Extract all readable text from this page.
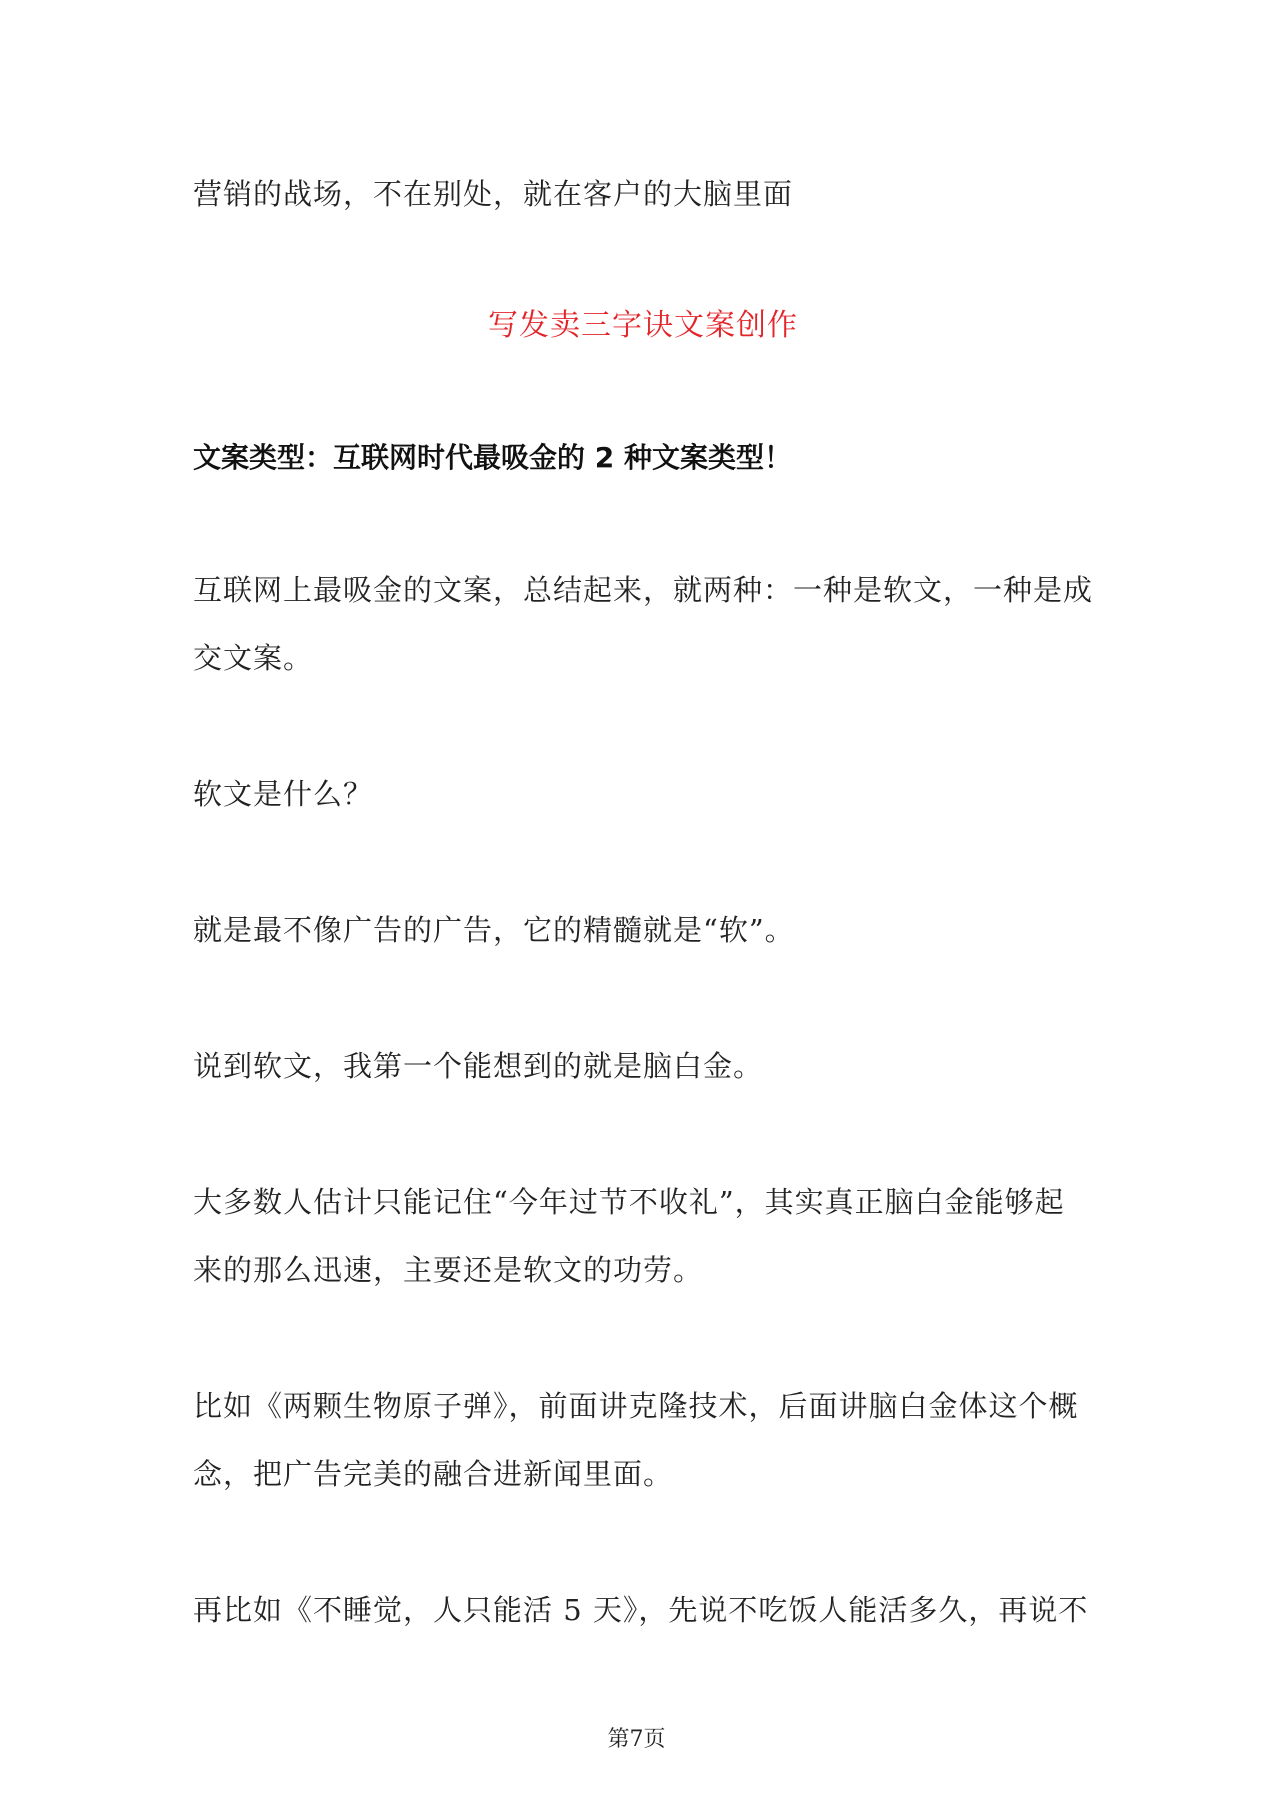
营销的战场，不在别处，就在客户的大脑里面

写发卖三字诀文案创作
文案类型：互联网时代最吸金的 2 种文案类型！

互联网上最吸金的文案，总结起来，就两种：一种是软文，一种是成交文案。

软文是什么？

就是最不像广告的广告，它的精髓就是“软”。

说到软文，我第一个能想到的就是脑白金。

大多数人估计只能记住“今年过节不收礼”，其实真正脑白金能够起来的那么迅速，主要还是软文的功劳。

比如《两颗生物原子弹》，前面讲克隆技术，后面讲脑白金体这个概念，把广告完美的融合进新闻里面。

再比如《不睡觉，人只能活 5 天》，先说不吃饭人能活多久，再说不

第7页
